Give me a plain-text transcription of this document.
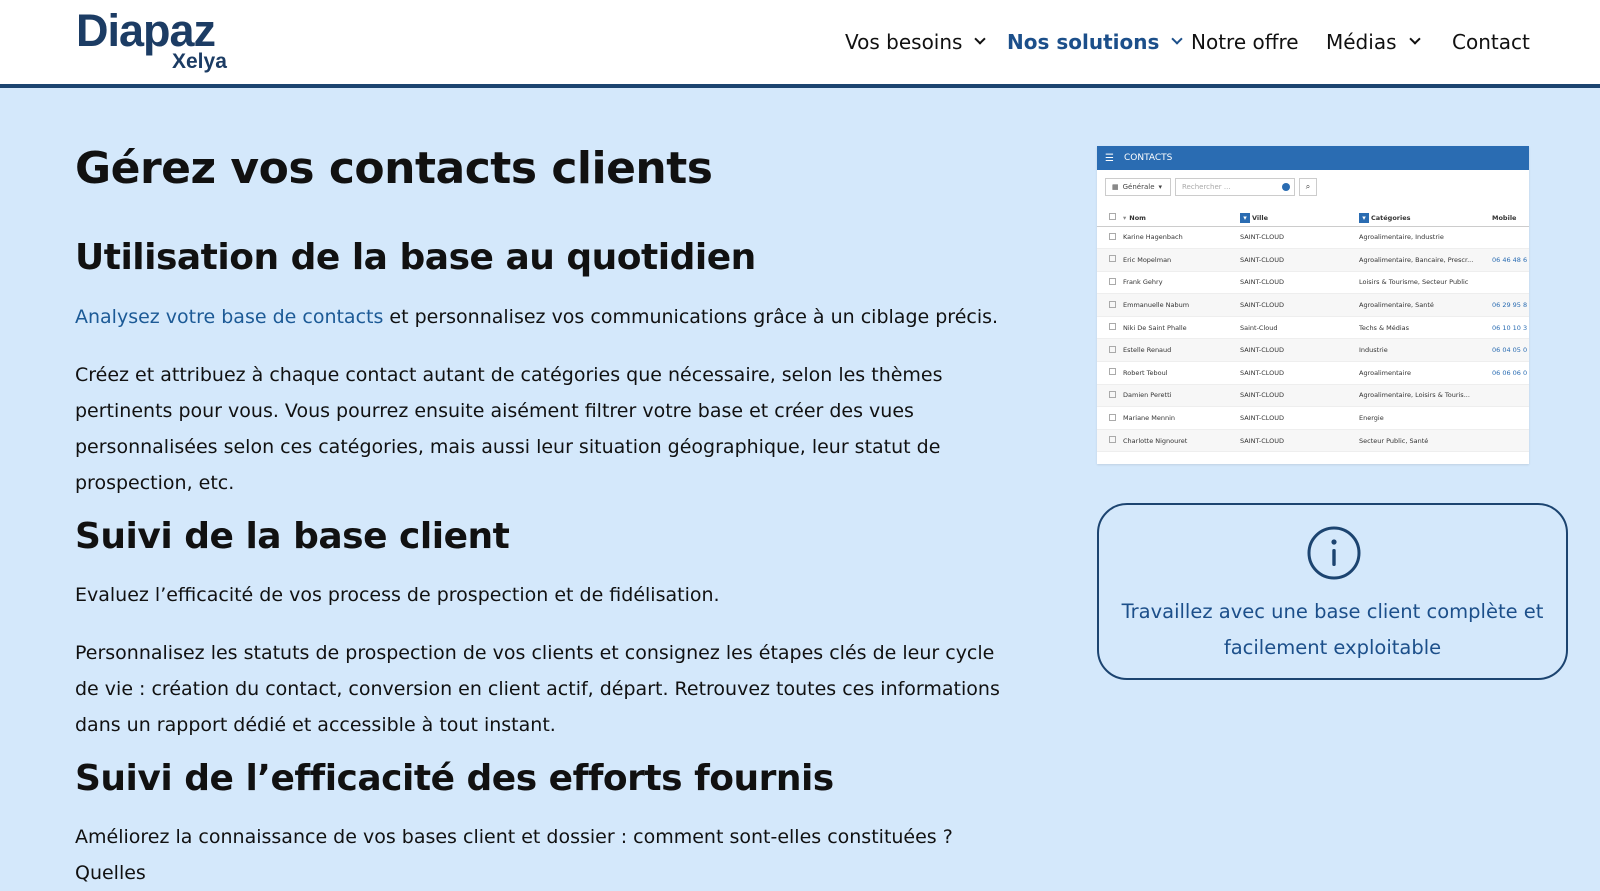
Diapaz
Xelya
Vos besoins Nos solutions Notre offre Médias	Contact
Gérez vos contacts clients
Utilisation de la base au quotidien

Analysez votre base de contacts et personnalisez vos communications grâce à un ciblage précis.

Créez et attribuez à chaque contact autant de catégories que nécessaire, selon les thèmes pertinents pour vous. Vous pourrez ensuite aisément filtrer votre base et créer des vues personnalisées selon ces catégories, mais aussi leur situation géographique, leur statut de prospection, etc.

Suivi de la base client

Evaluez l’efficacité de vos process de prospection et de fidélisation.

Personnalisez les statuts de prospection de vos clients et consignez les étapes clés de leur cycle de vie : création du contact, conversion en client actif, départ. Retrouvez toutes ces informations dans un rapport dédié et accessible à tout instant.

Suivi de l’efficacité des efforts fournis

Améliorez la connaissance de vos bases client et dossier : comment sont-elles constituées ? Quelles

☰ CONTACTS
▦ Générale ▾	Rechercher ...	⌕
	▾ Nom	▾ Ville	▾ Catégories	Mobile
	Karine Hagenbach	SAINT-CLOUD	Agroalimentaire, Industrie	
	Eric Mopelman	SAINT-CLOUD	Agroalimentaire, Bancaire, Prescr...	06 46 48 6
	Frank Gehry	SAINT-CLOUD	Loisirs & Tourisme, Secteur Public	
	Emmanuelle Nabum	SAINT-CLOUD	Agroalimentaire, Santé	06 29 95 8
	Niki De Saint Phalle	Saint-Cloud	Techs & Médias	06 10 10 3
	Estelle Renaud	SAINT-CLOUD	Industrie	06 04 05 0
	Robert Teboul	SAINT-CLOUD	Agroalimentaire	06 06 06 0
	Damien Peretti	SAINT-CLOUD	Agroalimentaire, Loisirs & Touris...	
	Mariane Mennin	SAINT-CLOUD	Energie	
	Charlotte Nignouret	SAINT-CLOUD	Secteur Public, Santé	
Travaillez avec une base client complète et facilement exploitable
